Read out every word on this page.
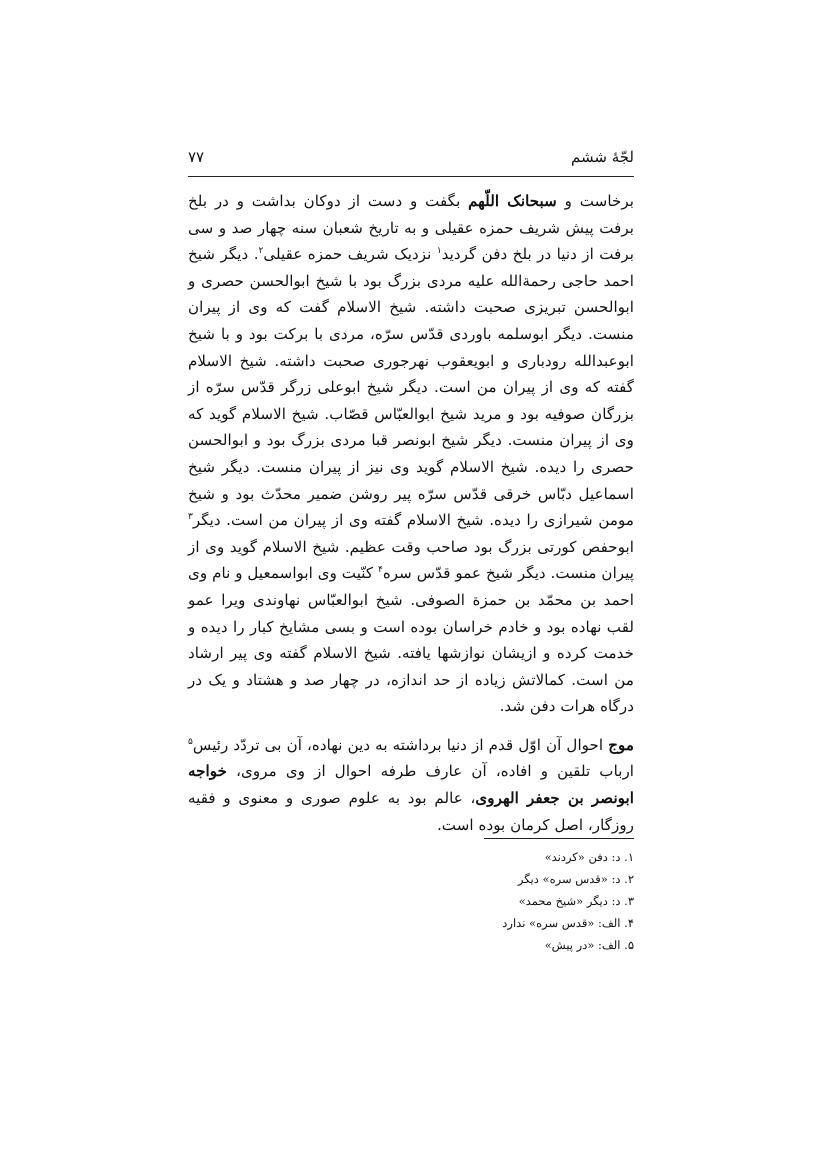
لجّهٔ ششم
۷۷

برخاست و سبحانک اللّهم بگفت و دست از دوکان بداشت و در بلخ برفت پیش شریف حمزه عقیلی و به تاریخ شعبان سنه چهار صد و سی برفت از دنیا در بلخ دفن گردید$^۱$ نزدیک شریف حمزه عقیلی$^۲$. دیگر شیخ احمد حاجی رحمةالله علیه مردی بزرگ بود با شیخ ابوالحسن حصری و ابوالحسن تبریزی صحبت داشته. شیخ الاسلام گفت که وی از پیران منست. دیگر ابوسلمه باوردی قدّس سرّه، مردی با برکت بود و با شیخ ابوعبدالله رودباری و ابویعقوب نهرجوری صحبت داشته. شیخ الاسلام گفته که وی از پیران من است. دیگر شیخ ابوعلی زرگر قدّس سرّه از بزرگان صوفیه بود و مرید شیخ ابوالعبّاس قصّاب. شیخ الاسلام گوید که وی از پیران منست. دیگر شیخ ابونصر قبا مردی بزرگ بود و ابوالحسن حصری را دیده. شیخ الاسلام گوید وی نیز از پیران منست. دیگر شیخ اسماعیل دبّاس خرقی قدّس سرّه پیر روشن ضمیر محدّث بود و شیخ مومن شیرازی را دیده. شیخ الاسلام گفته وی از پیران من است. دیگر$^۳$ ابوحفص کورتی بزرگ بود صاحب وقت عظیم. شیخ الاسلام گوید وی از پیران منست. دیگر شیخ عمو قدّس سره$^۴$ کنّیت وی ابواسمعیل و نام وی احمد بن محمّد بن حمزة الصوفی. شیخ ابوالعبّاس نهاوندی ویرا عمو لقب نهاده بود و خادم خراسان بوده است و بسی مشایخ کبار را دیده و خدمت کرده و ازیشان نوازشها یافته. شیخ الاسلام گفته وی پیر ارشاد من است. کمالاتش زیاده از حد اندازه، در چهار صد و هشتاد و یک در درگاه هرات دفن شد.

موج احوال آن اوّل قدم از دنیا برداشته به دین نهاده، آن بی تردّد رئیس$^۵$ ارباب تلقین و افاده، آن عارف طرفه احوال از وی مروی، خواجه ابونصر بن جعفر الهروی، عالم بود به علوم صوری و معنوی و فقیه روزگار، اصل کرمان بوده است.

۱. د: دفن «کردند»
۲. د: «قدس سره» دیگر
۳. د: دیگر «شیخ محمد»
۴. الف: «قدس سره» ندارد
۵. الف: «در پیش»
